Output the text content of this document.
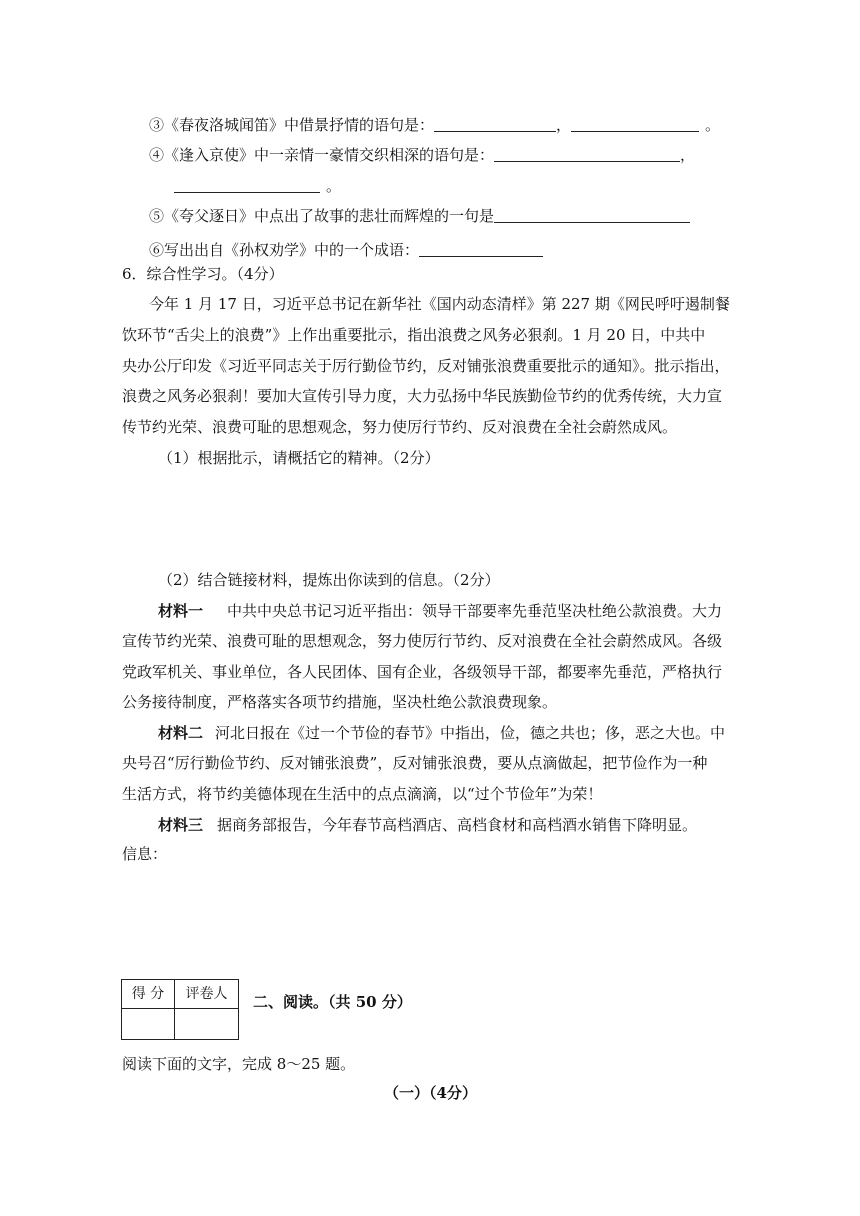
③《春夜洛城闻笛》中借景抒情的语句是：	，	。
④《逢入京使》中一亲情一豪情交织相深的语句是：	，
。
⑤《夸父逐日》中点出了故事的悲壮而辉煌的一句是
⑥写出出自《孙权劝学》中的一个成语：
6．综合性学习。（4分）
今年 1 月 17 日，习近平总书记在新华社《国内动态清样》第 227 期《网民呼吁遏制餐
饮环节“舌尖上的浪费”》上作出重要批示，指出浪费之风务必狠刹。1 月 20 日，中共中
央办公厅印发《习近平同志关于厉行勤俭节约，反对铺张浪费重要批示的通知》。批示指出，
浪费之风务必狠刹！要加大宣传引导力度，大力弘扬中华民族勤俭节约的优秀传统，大力宣
传节约光荣、浪费可耻的思想观念，努力使厉行节约、反对浪费在全社会蔚然成风。
（1）根据批示，请概括它的精神。（2分）
（2）结合链接材料，提炼出你读到的信息。（2分）
材料一 中共中央总书记习近平指出：领导干部要率先垂范坚决杜绝公款浪费。大力
宣传节约光荣、浪费可耻的思想观念，努力使厉行节约、反对浪费在全社会蔚然成风。各级
党政军机关、事业单位，各人民团体、国有企业，各级领导干部，都要率先垂范，严格执行
公务接待制度，严格落实各项节约措施，坚决杜绝公款浪费现象。
材料二 河北日报在《过一个节俭的春节》中指出，俭，德之共也；侈，恶之大也。中
央号召“厉行勤俭节约、反对铺张浪费”，反对铺张浪费，要从点滴做起，把节俭作为一种
生活方式，将节约美德体现在生活中的点点滴滴，以“过个节俭年”为荣！
材料三 据商务部报告，今年春节高档酒店、高档食材和高档酒水销售下降明显。
信息：
得 分	评卷人
	二、阅读。（共 50 分）
阅读下面的文字，完成 8～25 题。
（一）（4分）
